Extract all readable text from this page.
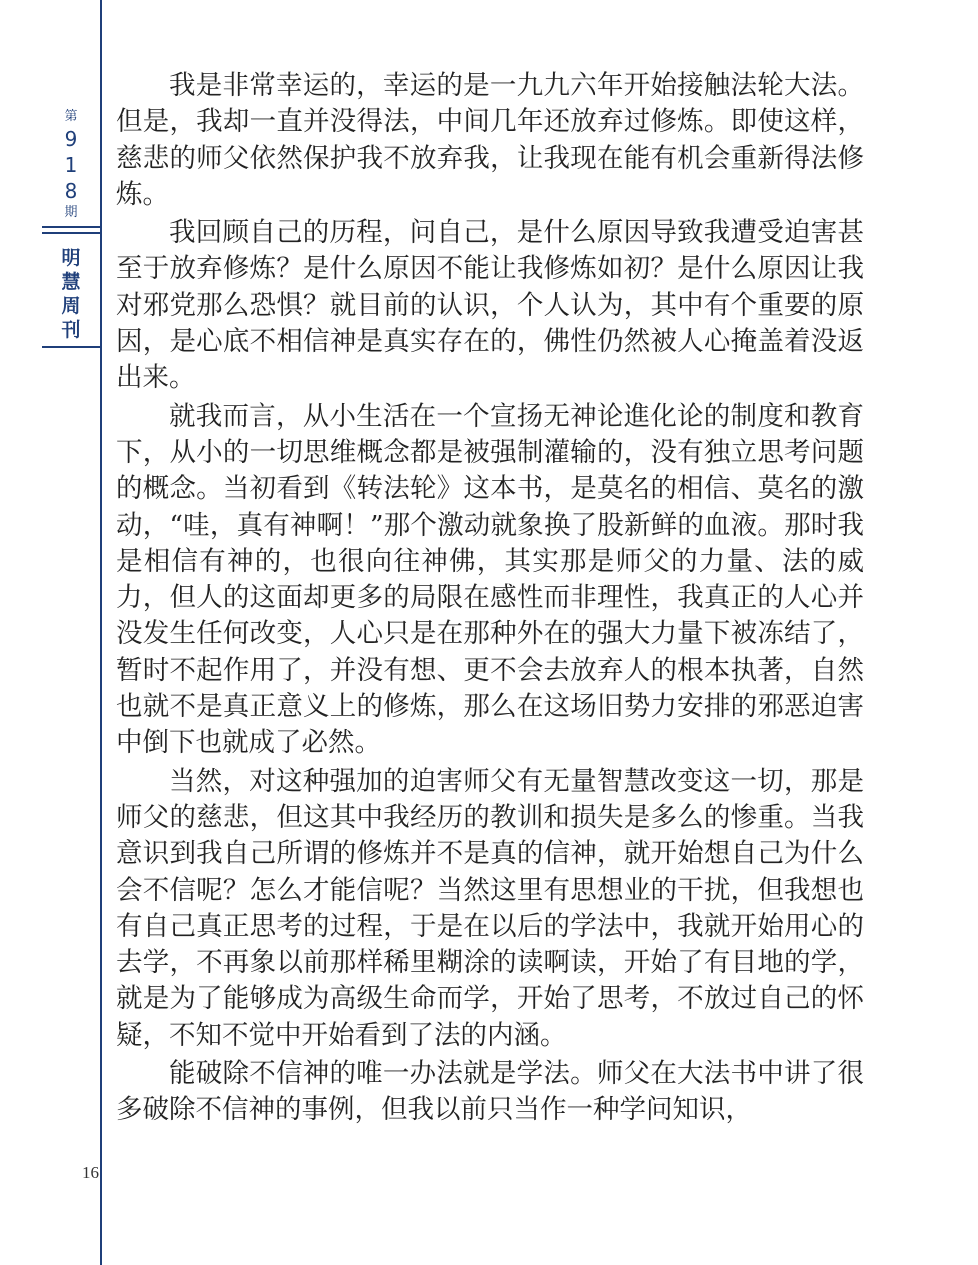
第
918
期
明慧周刊

我是非常幸运的，幸运的是一九九六年开始接触法轮大法。但是，我却一直并没得法，中间几年还放弃过修炼。即使这样，慈悲的师父依然保护我不放弃我，让我现在能有机会重新得法修炼。

我回顾自己的历程，问自己，是什么原因导致我遭受迫害甚至于放弃修炼？是什么原因不能让我修炼如初？是什么原因让我对邪党那么恐惧？就目前的认识，个人认为，其中有个重要的原因，是心底不相信神是真实存在的，佛性仍然被人心掩盖着没返出来。

就我而言，从小生活在一个宣扬无神论進化论的制度和教育下，从小的一切思维概念都是被强制灌输的，没有独立思考问题的概念。当初看到《转法轮》这本书，是莫名的相信、莫名的激动，“哇，真有神啊！”那个激动就象换了股新鲜的血液。那时我是相信有神的，也很向往神佛，其实那是师父的力量、法的威力，但人的这面却更多的局限在感性而非理性，我真正的人心并没发生任何改变，人心只是在那种外在的强大力量下被冻结了，暂时不起作用了，并没有想、更不会去放弃人的根本执著，自然也就不是真正意义上的修炼，那么在这场旧势力安排的邪恶迫害中倒下也就成了必然。

当然，对这种强加的迫害师父有无量智慧改变这一切，那是师父的慈悲，但这其中我经历的教训和损失是多么的惨重。当我意识到我自己所谓的修炼并不是真的信神，就开始想自己为什么会不信呢？怎么才能信呢？当然这里有思想业的干扰，但我想也有自己真正思考的过程，于是在以后的学法中，我就开始用心的去学，不再象以前那样稀里糊涂的读啊读，开始了有目地的学，就是为了能够成为高级生命而学，开始了思考，不放过自己的怀疑，不知不觉中开始看到了法的内涵。

能破除不信神的唯一办法就是学法。师父在大法书中讲了很多破除不信神的事例，但我以前只当作一种学问知识，

16
